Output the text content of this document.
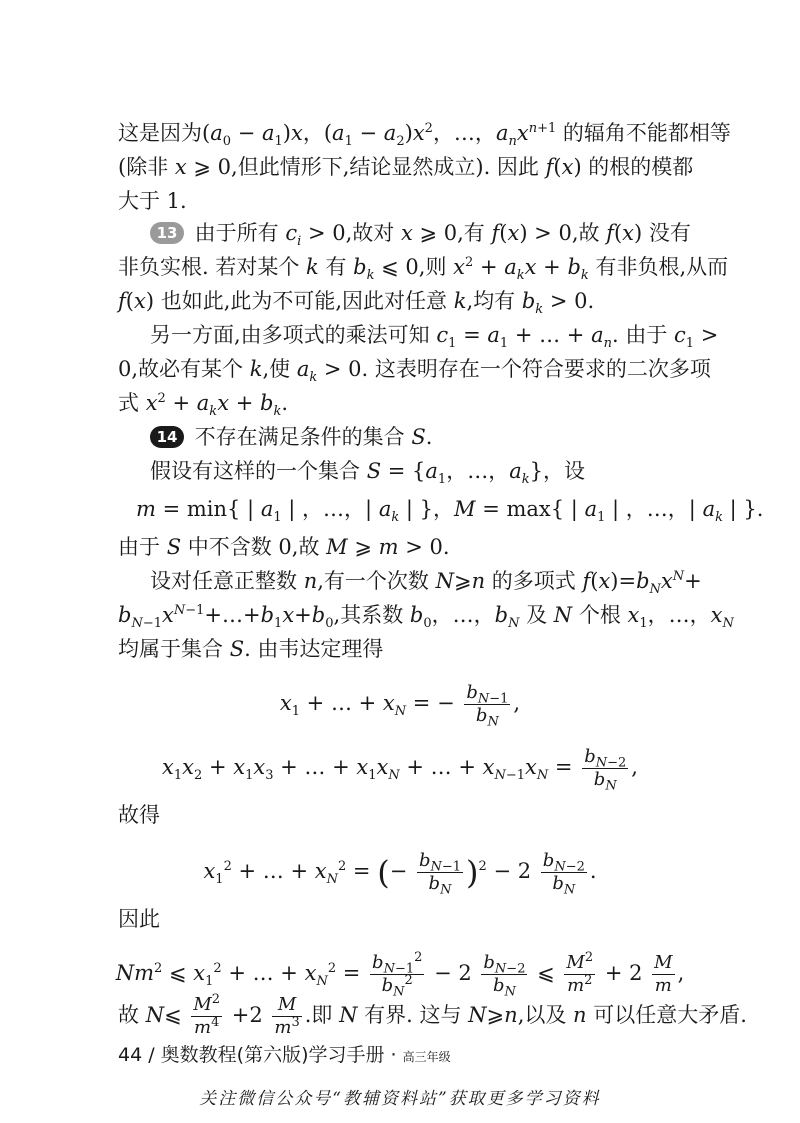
这是因为$(a_0 - a_1)x$，$(a_1 - a_2)x^2$，…，$a_nx^{n+1}$ 的辐角不能都相等
(除非 x ⩾ 0,但此情形下,结论显然成立). 因此 f(x) 的根的模都
大于 1.
13 由于所有 $c_i > 0$,故对 x ⩾ 0,有 f(x) > 0,故 f(x) 没有
非负实根. 若对某个 k 有 $b_k$ ⩽ 0,则 $x^2 + a_kx + b_k$ 有非负根,从而
f(x) 也如此,此为不可能,因此对任意 k,均有 $b_k > 0$.
另一方面,由多项式的乘法可知 $c_1 = a_1$ + … + $a_n$. 由于 $c_1$ >
0,故必有某个 k,使 $a_k > 0$. 这表明存在一个符合要求的二次多项
式 $x^2 + a_kx + b_k$.
14 不存在满足条件的集合 S.
假设有这样的一个集合 $S = \{a_1$，…，$a_k$}，设
m = min{ | $a_1$ | ，…，| $a_k$ | }，M = max{ | $a_1$ | ，…，| $a_k$ | }.
由于 S 中不含数 0,故 M ⩾ m > 0.
设对任意正整数 n,有一个次数 N⩾n 的多项式 $f(x)=b_Nx^N+$
$b_{N-1}x^{N-1}+\dots+b_1x+b_0$,其系数 $b_0$，…，$b_N$ 及 N 个根 $x_1$，…，$x_N$
均属于集合 S. 由韦达定理得
$x_1$ + … + $x_N$ = − $\frac{b_{N-1}}{b_N}$ ,
$x_1x_2 + x_1x_3$ + … + $x_1x_N$ + … + $x_{N-1}x_N = \frac{b_{N-2}}{b_N}$ ,
故得
$x_1^2$ + … + $x_N^2$ = (− $\frac{b_{N-1}}{b_N} )^2 - 2 \frac{b_{N-2}}{b_N}$ .
因此
Nm$^2$ ⩽ $x_1^2$ + … + $x_N^2 = \frac{b_{N-1}^2}{b_N^2} - 2 \frac{b_{N-2}}{b_N}$ ⩽ $\frac{M^2}{m^2} + 2 \frac{M}{m}$ ,
故 N⩽ $\frac{M^2}{m^4} +2 \frac{M}{m^3}$ .即 N 有界. 这与 N⩾n,以及 n 可以任意大矛盾.
44 / 奥数教程(第六版)学习手册 · 高三年级
关注微信公众号“教辅资料站”获取更多学习资料
